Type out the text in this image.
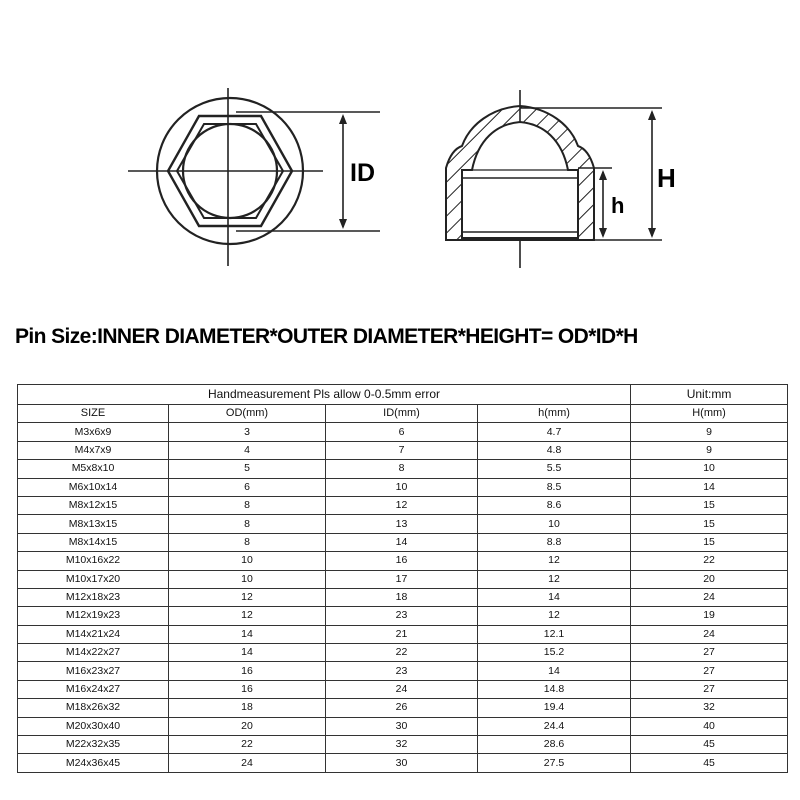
ID	H
h
Pin Size:INNER DIAMETER*OUTER DIAMETER*HEIGHT= OD*ID*H
Handmeasurement Pls allow 0-0.5mm error				Unit:mm
SIZE	OD(mm)	ID(mm)	h(mm)	H(mm)
M3x6x9	3	6	4.7	9
M4x7x9	4	7	4.8	9
M5x8x10	5	8	5.5	10
M6x10x14	6	10	8.5	14
M8x12x15	8	12	8.6	15
M8x13x15	8	13	10	15
M8x14x15	8	14	8.8	15
M10x16x22	10	16	12	22
M10x17x20	10	17	12	20
M12x18x23	12	18	14	24
M12x19x23	12	23	12	19
M14x21x24	14	21	12.1	24
M14x22x27	14	22	15.2	27
M16x23x27	16	23	14	27
M16x24x27	16	24	14.8	27
M18x26x32	18	26	19.4	32
M20x30x40	20	30	24.4	40
M22x32x35	22	32	28.6	45
M24x36x45	24	30	27.5	45
